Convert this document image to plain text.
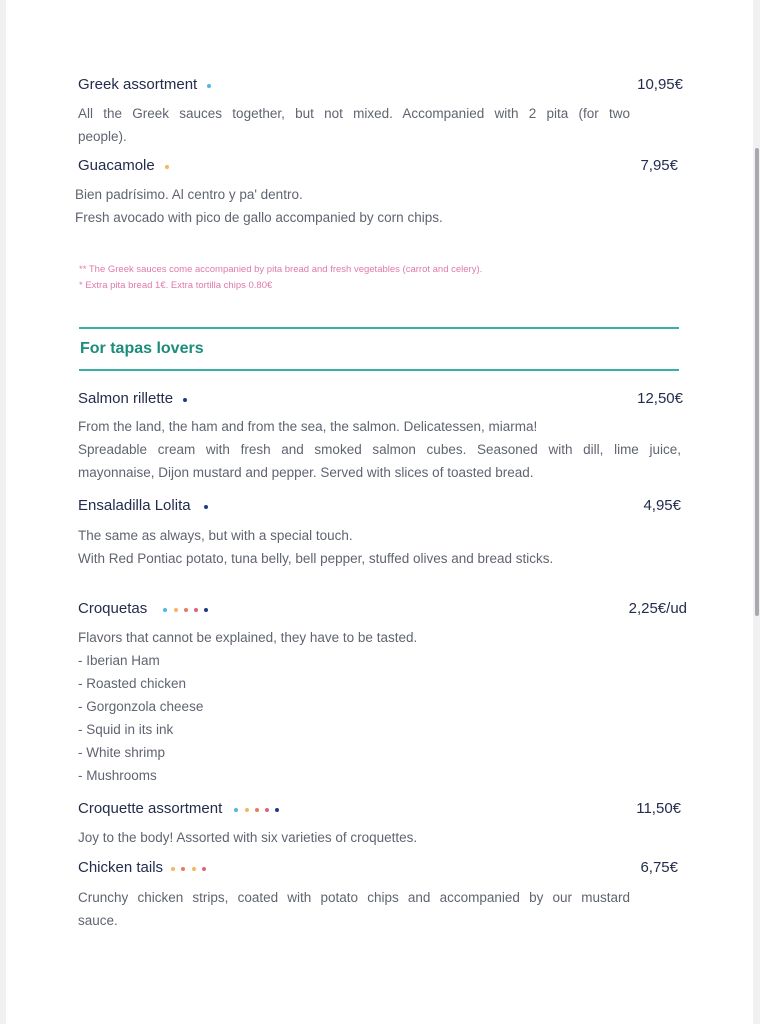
Greek assortment	10,95€
All the Greek sauces together, but not mixed. Accompanied with 2 pita (for two
people).
Guacamole	7,95€
Bien padrísimo. Al centro y pa' dentro.
Fresh avocado with pico de gallo accompanied by corn chips.
** The Greek sauces come accompanied by pita bread and fresh vegetables (carrot and celery).
* Extra pita bread 1€. Extra tortilla chips 0.80€
For tapas lovers
Salmon rillette	12,50€
From the land, the ham and from the sea, the salmon. Delicatessen, miarma!
Spreadable cream with fresh and smoked salmon cubes. Seasoned with dill, lime juice,
mayonnaise, Dijon mustard and pepper. Served with slices of toasted bread.
Ensaladilla Lolita	4,95€
The same as always, but with a special touch.
With Red Pontiac potato, tuna belly, bell pepper, stuffed olives and bread sticks.
Croquetas	2,25€/ud
Flavors that cannot be explained, they have to be tasted.
- Iberian Ham
- Roasted chicken
- Gorgonzola cheese
- Squid in its ink
- White shrimp
- Mushrooms
Croquette assortment	11,50€
Joy to the body! Assorted with six varieties of croquettes.
Chicken tails	6,75€
Crunchy chicken strips, coated with potato chips and accompanied by our mustard
sauce.
